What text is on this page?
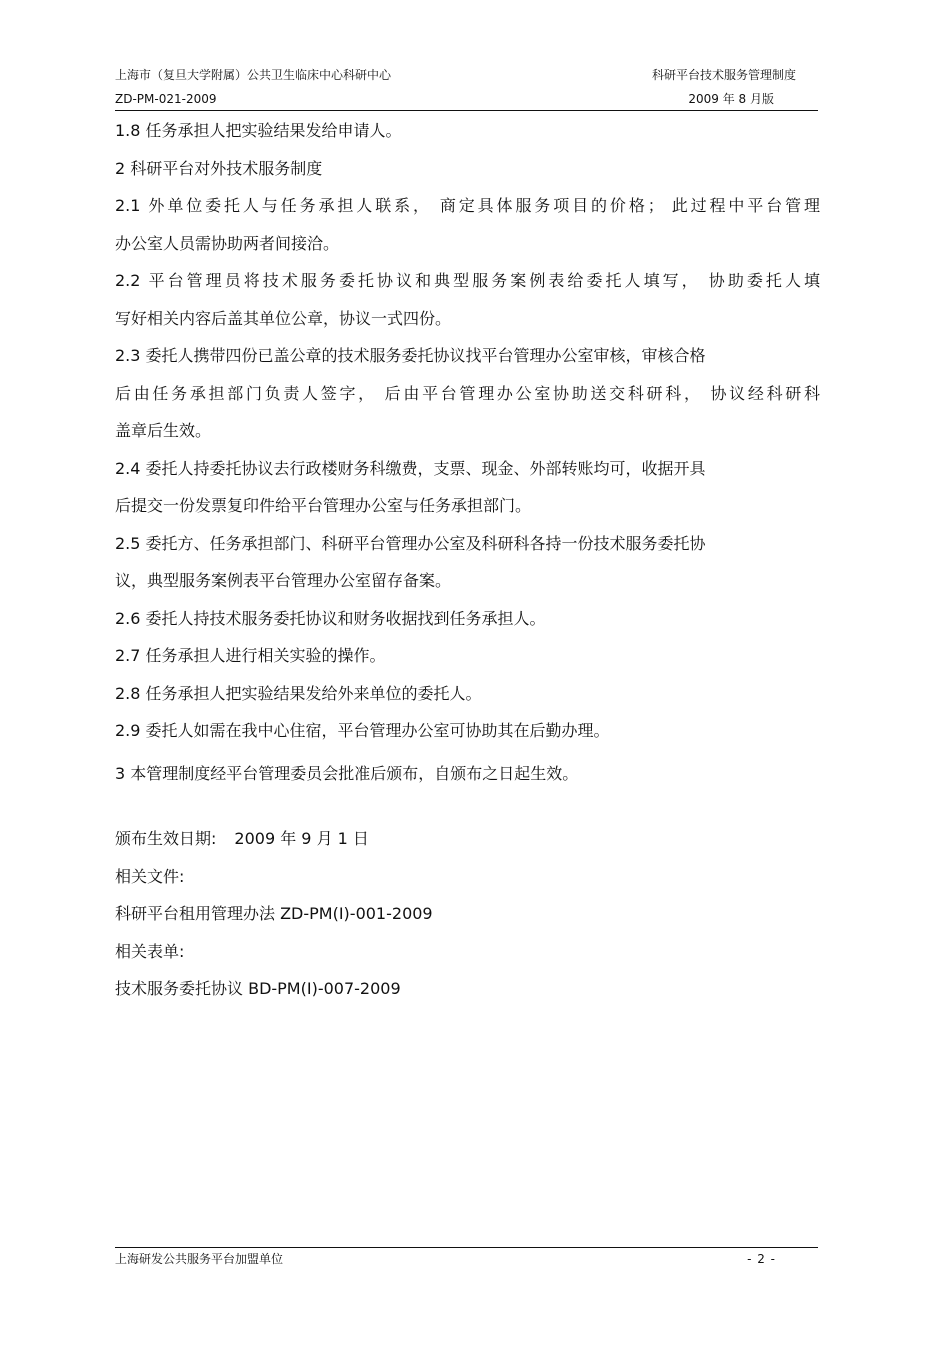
上海市（复旦大学附属）公共卫生临床中心科研中心	科研平台技术服务管理制度
ZD-PM-021-2009	2009 年 8 月版
1.8 任务承担人把实验结果发给申请人。
2 科研平台对外技术服务制度
2.1 外单位委托人与任务承担人联系， 商定具体服务项目的价格； 此过程中平台管理
办公室人员需协助两者间接洽。
2.2 平台管理员将技术服务委托协议和典型服务案例表给委托人填写， 协助委托人填
写好相关内容后盖其单位公章，协议一式四份。
2.3 委托人携带四份已盖公章的技术服务委托协议找平台管理办公室审核，审核合格
后由任务承担部门负责人签字， 后由平台管理办公室协助送交科研科， 协议经科研科
盖章后生效。
2.4 委托人持委托协议去行政楼财务科缴费，支票、现金、外部转账均可，收据开具
后提交一份发票复印件给平台管理办公室与任务承担部门。
2.5 委托方、任务承担部门、科研平台管理办公室及科研科各持一份技术服务委托协
议，典型服务案例表平台管理办公室留存备案。
2.6 委托人持技术服务委托协议和财务收据找到任务承担人。
2.7 任务承担人进行相关实验的操作。
2.8 任务承担人把实验结果发给外来单位的委托人。
2.9 委托人如需在我中心住宿，平台管理办公室可协助其在后勤办理。
3 本管理制度经平台管理委员会批准后颁布，自颁布之日起生效。
颁布生效日期: 2009 年 9 月 1 日
相关文件:
科研平台租用管理办法 ZD-PM(I)-001-2009
相关表单:
技术服务委托协议 BD-PM(I)-007-2009
上海研发公共服务平台加盟单位	- 2 -
